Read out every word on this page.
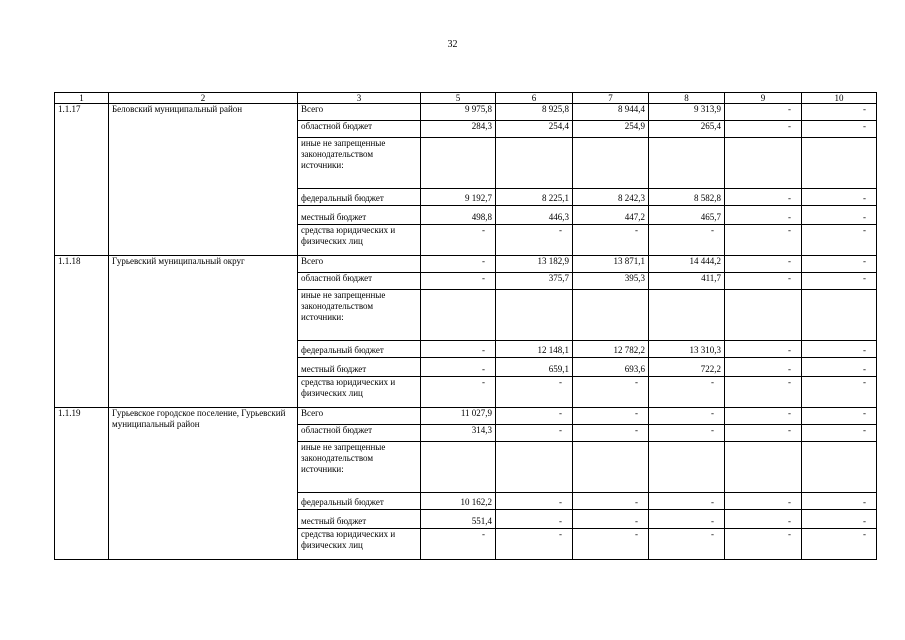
32
1	2	3	5	6	7	8	9	10
1.1.17	Беловский муниципальный район	Всего	9 975,8	8 925,8	8 944,4	9 313,9	-	-
		областной бюджет	284,3	254,4	254,9	265,4	-	-
		иные не запрещенные законодательством источники:						
		федеральный бюджет	9 192,7	8 225,1	8 242,3	8 582,8	-	-
		местный бюджет	498,8	446,3	447,2	465,7	-	-
		средства юридических и физических лиц	-	-	-	-	-	-
1.1.18	Гурьевский муниципальный округ	Всего	-	13 182,9	13 871,1	14 444,2	-	-
		областной бюджет	-	375,7	395,3	411,7	-	-
		иные не запрещенные законодательством источники:						
		федеральный бюджет	-	12 148,1	12 782,2	13 310,3	-	-
		местный бюджет	-	659,1	693,6	722,2	-	-
		средства юридических и физических лиц	-	-	-	-	-	-
1.1.19	Гурьевское городское поселение, Гурьевский муниципальный район	Всего	11 027,9	-	-	-	-	-
		областной бюджет	314,3	-	-	-	-	-
		иные не запрещенные законодательством источники:						
		федеральный бюджет	10 162,2	-	-	-	-	-
		местный бюджет	551,4	-	-	-	-	-
		средства юридических и физических лиц	-	-	-	-	-	-
